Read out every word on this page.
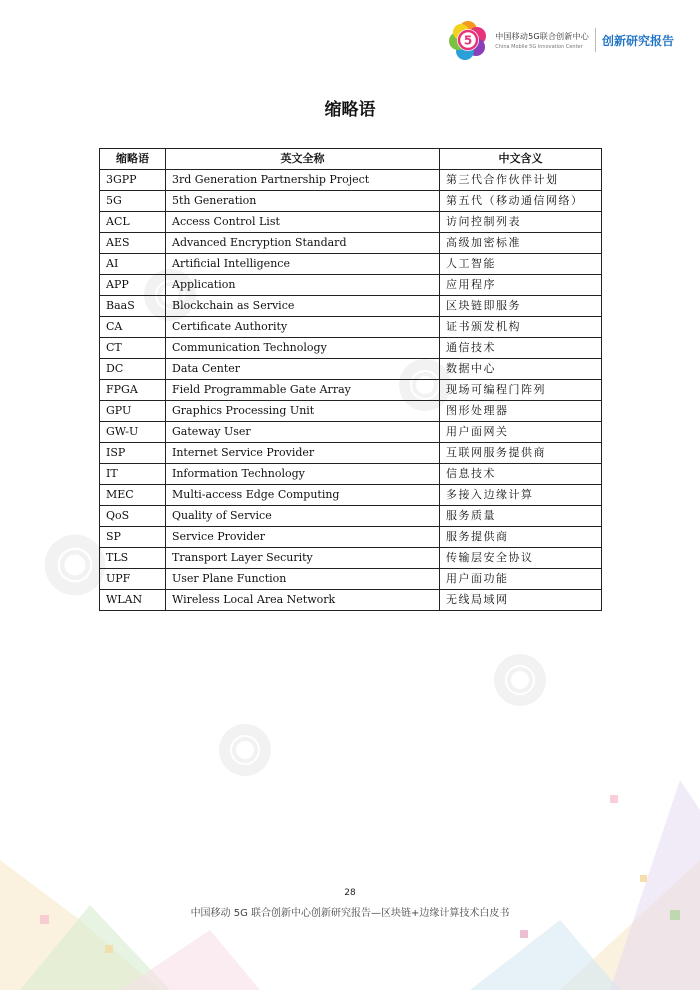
5	中国移动5G联合创新中心
China Mobile 5G Innovation Center	创新研究报告
缩略语
缩略语	英文全称	中文含义
3GPP	3rd Generation Partnership Project	第三代合作伙伴计划
5G	5th Generation	第五代（移动通信网络）
ACL	Access Control List	访问控制列表
AES	Advanced Encryption Standard	高级加密标准
AI	Artificial Intelligence	人工智能
APP	Application	应用程序
BaaS	Blockchain as Service	区块链即服务
CA	Certificate Authority	证书颁发机构
CT	Communication Technology	通信技术
DC	Data Center	数据中心
FPGA	Field Programmable Gate Array	现场可编程门阵列
GPU	Graphics Processing Unit	图形处理器
GW-U	Gateway User	用户面网关
ISP	Internet Service Provider	互联网服务提供商
IT	Information Technology	信息技术
MEC	Multi-access Edge Computing	多接入边缘计算
QoS	Quality of Service	服务质量
SP	Service Provider	服务提供商
TLS	Transport Layer Security	传输层安全协议
UPF	User Plane Function	用户面功能
WLAN	Wireless Local Area Network	无线局域网
28
中国移动 5G 联合创新中心创新研究报告—区块链+边缘计算技术白皮书
